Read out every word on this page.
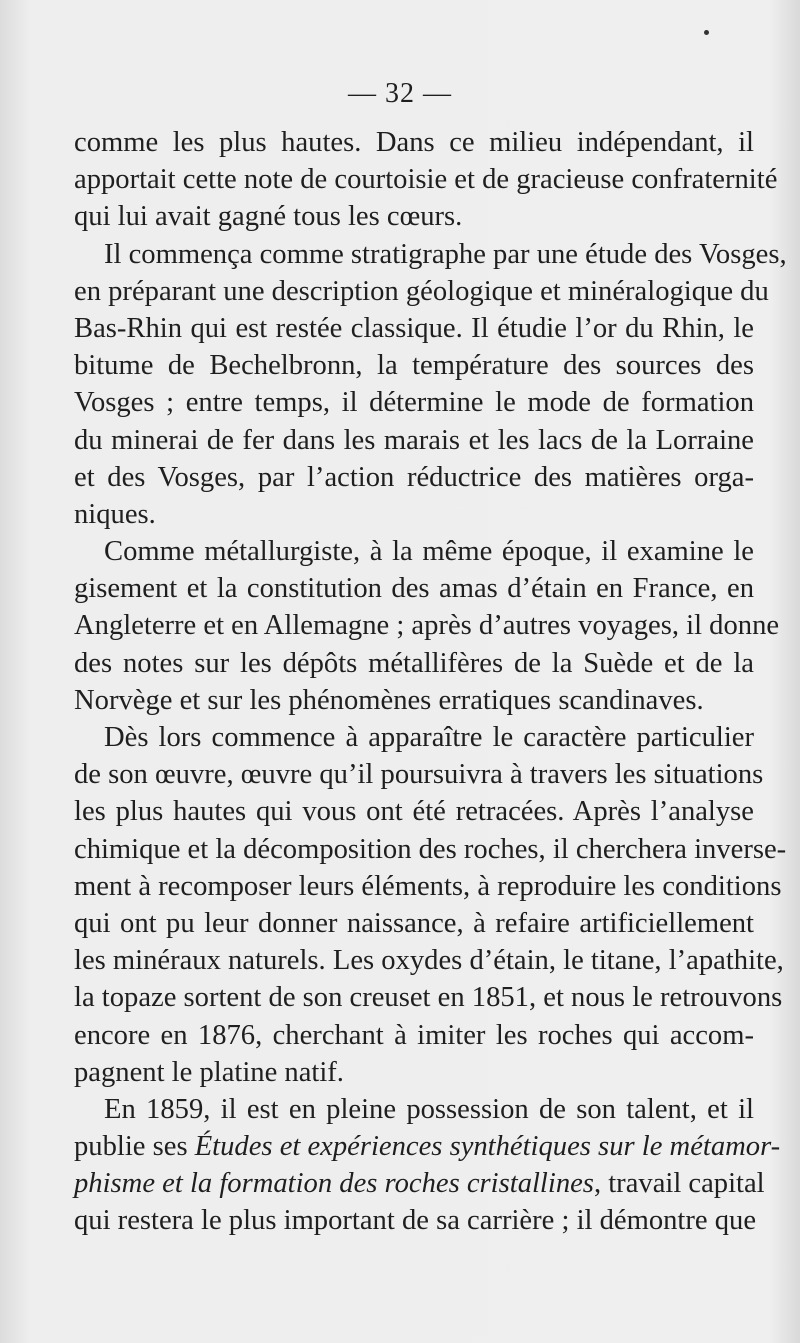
— 32 —
comme les plus hautes. Dans ce milieu indépendant, il
apportait cette note de courtoisie et de gracieuse confraternité
qui lui avait gagné tous les cœurs.
Il commença comme stratigraphe par une étude des Vosges,
en préparant une description géologique et minéralogique du
Bas-Rhin qui est restée classique. Il étudie l’or du Rhin, le
bitume de Bechelbronn, la température des sources des
Vosges ; entre temps, il détermine le mode de formation
du minerai de fer dans les marais et les lacs de la Lorraine
et des Vosges, par l’action réductrice des matières orga-
niques.
Comme métallurgiste, à la même époque, il examine le
gisement et la constitution des amas d’étain en France, en
Angleterre et en Allemagne ; après d’autres voyages, il donne
des notes sur les dépôts métallifères de la Suède et de la
Norvège et sur les phénomènes erratiques scandinaves.
Dès lors commence à apparaître le caractère particulier
de son œuvre, œuvre qu’il poursuivra à travers les situations
les plus hautes qui vous ont été retracées. Après l’analyse
chimique et la décomposition des roches, il cherchera inverse-
ment à recomposer leurs éléments, à reproduire les conditions
qui ont pu leur donner naissance, à refaire artificiellement
les minéraux naturels. Les oxydes d’étain, le titane, l’apathite,
la topaze sortent de son creuset en 1851, et nous le retrouvons
encore en 1876, cherchant à imiter les roches qui accom-
pagnent le platine natif.
En 1859, il est en pleine possession de son talent, et il
publie ses Études et expériences synthétiques sur le métamor-
phisme et la formation des roches cristallines, travail capital
qui restera le plus important de sa carrière ; il démontre que
